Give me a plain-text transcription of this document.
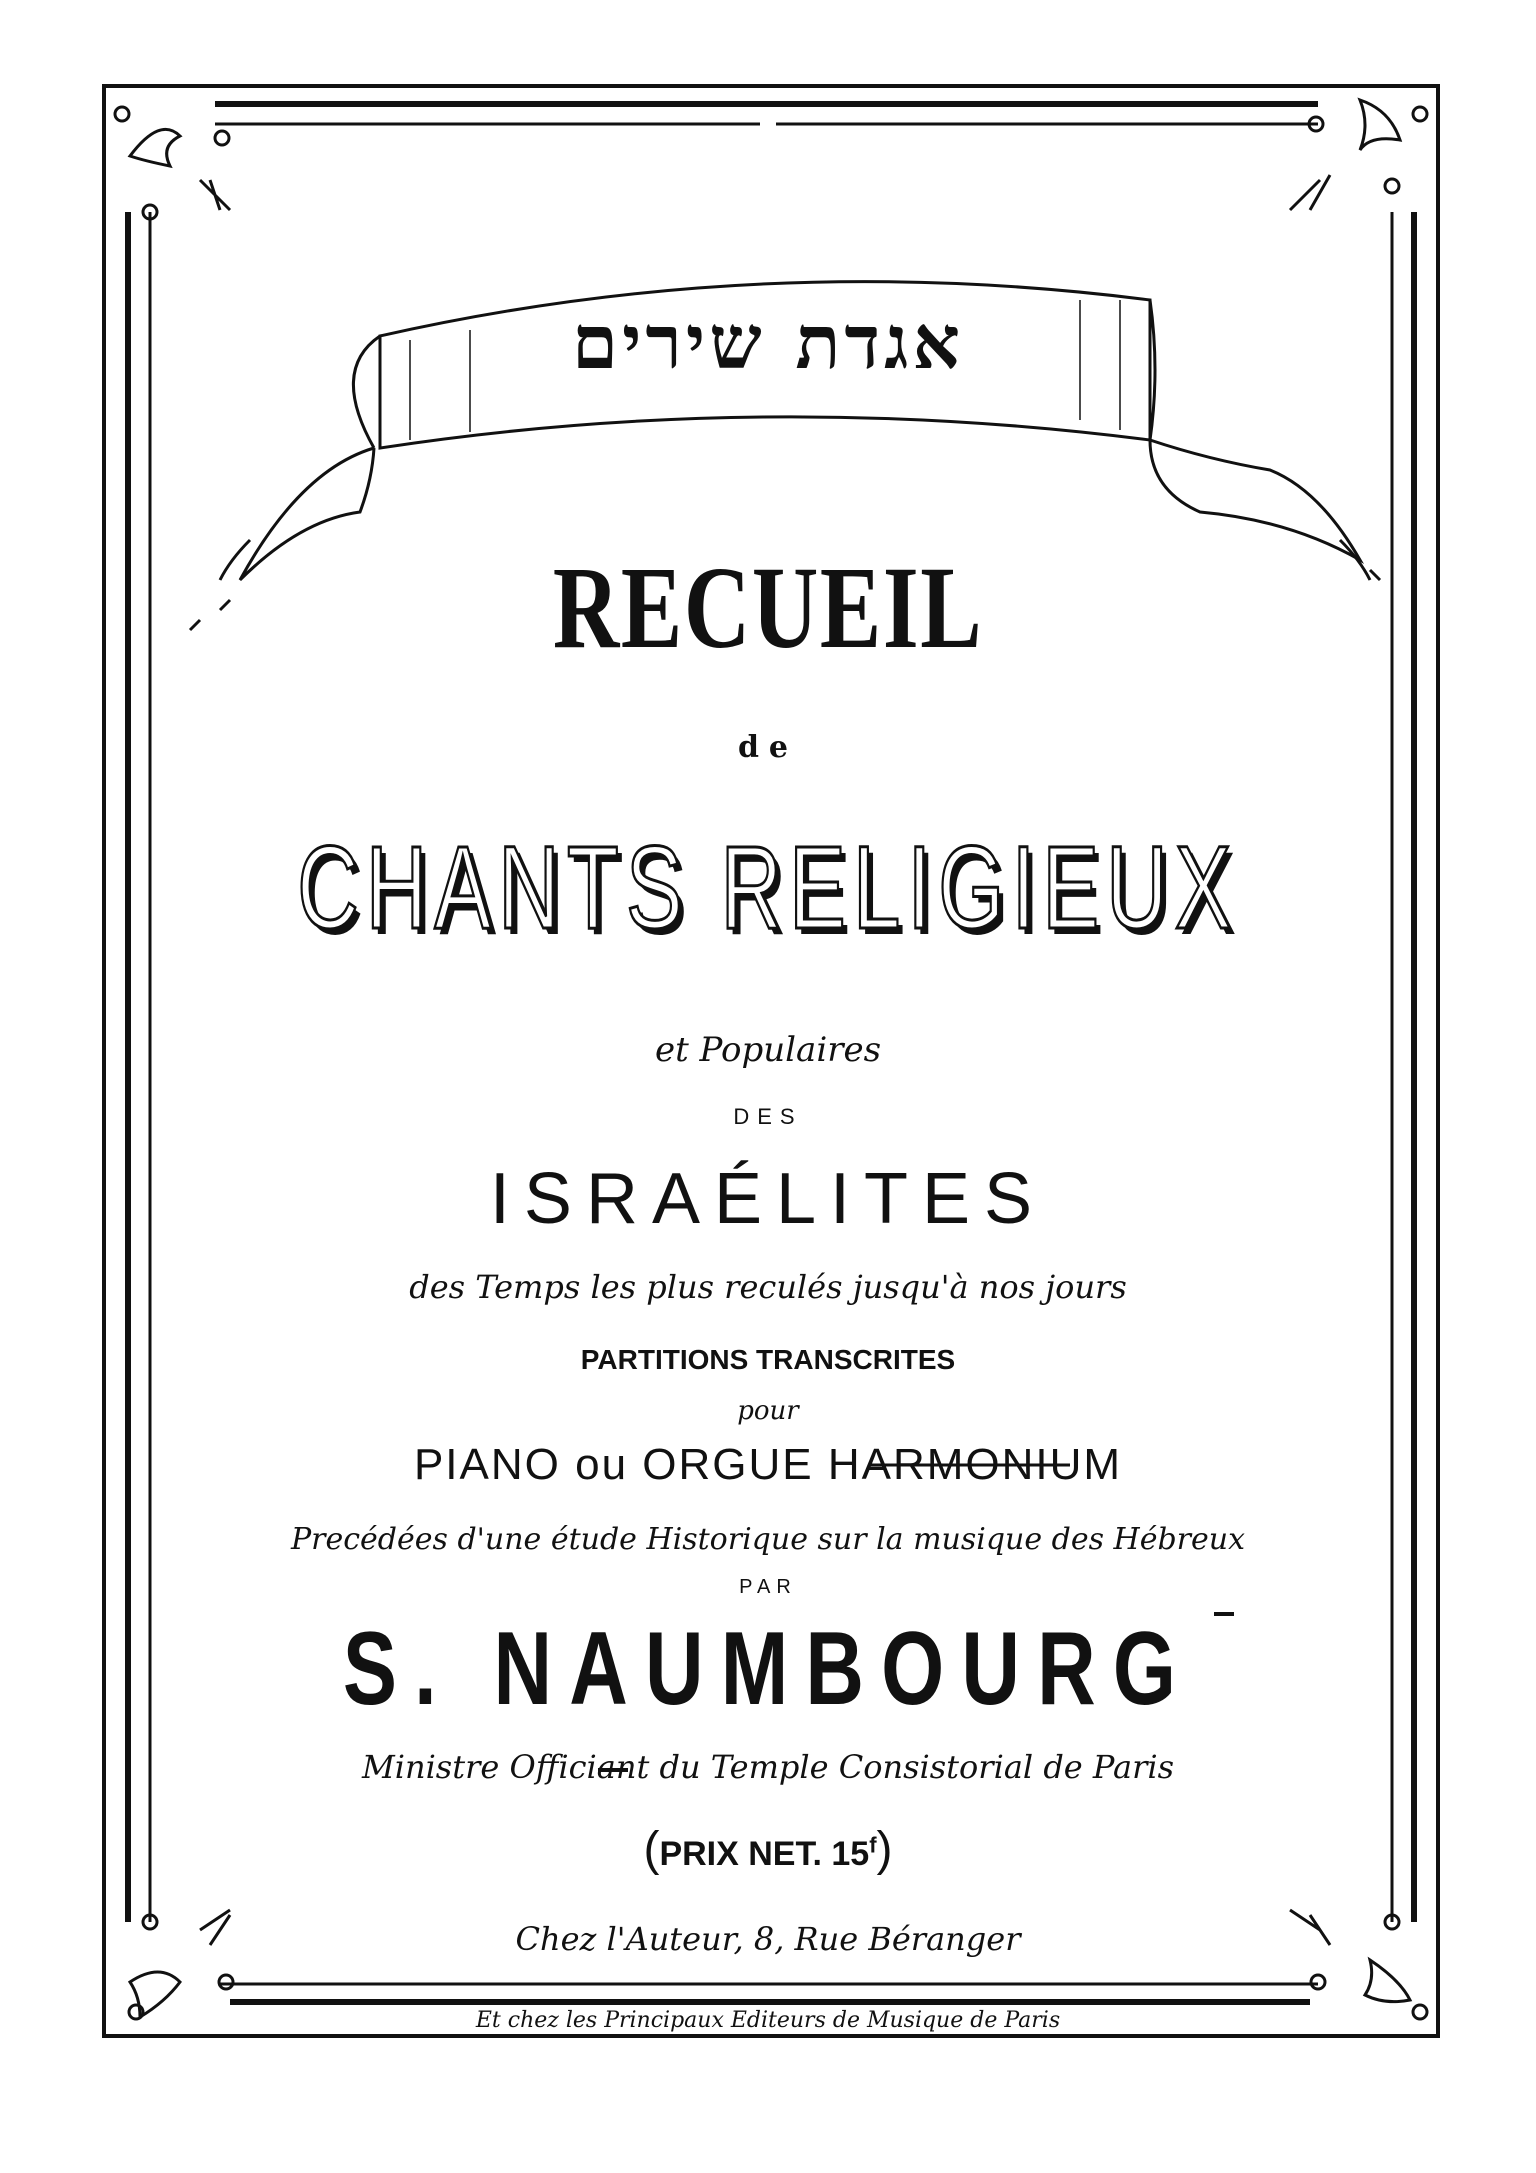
אגדת שירים
RECUEIL
de
CHANTS RELIGIEUX
et Populaires
DES
ISRAÉLITES
des Temps les plus reculés jusqu'à nos jours
PARTITIONS TRANSCRITES
pour
PIANO ou ORGUE HARMONIUM
Precédées d'une étude Historique sur la musique des Hébreux
PAR
S. NAUMBOURG
Ministre Officiant du Temple Consistorial de Paris
(PRIX NET. 15$^f$)
Chez l'Auteur, 8, Rue Béranger
Et chez les Principaux Editeurs de Musique de Paris
